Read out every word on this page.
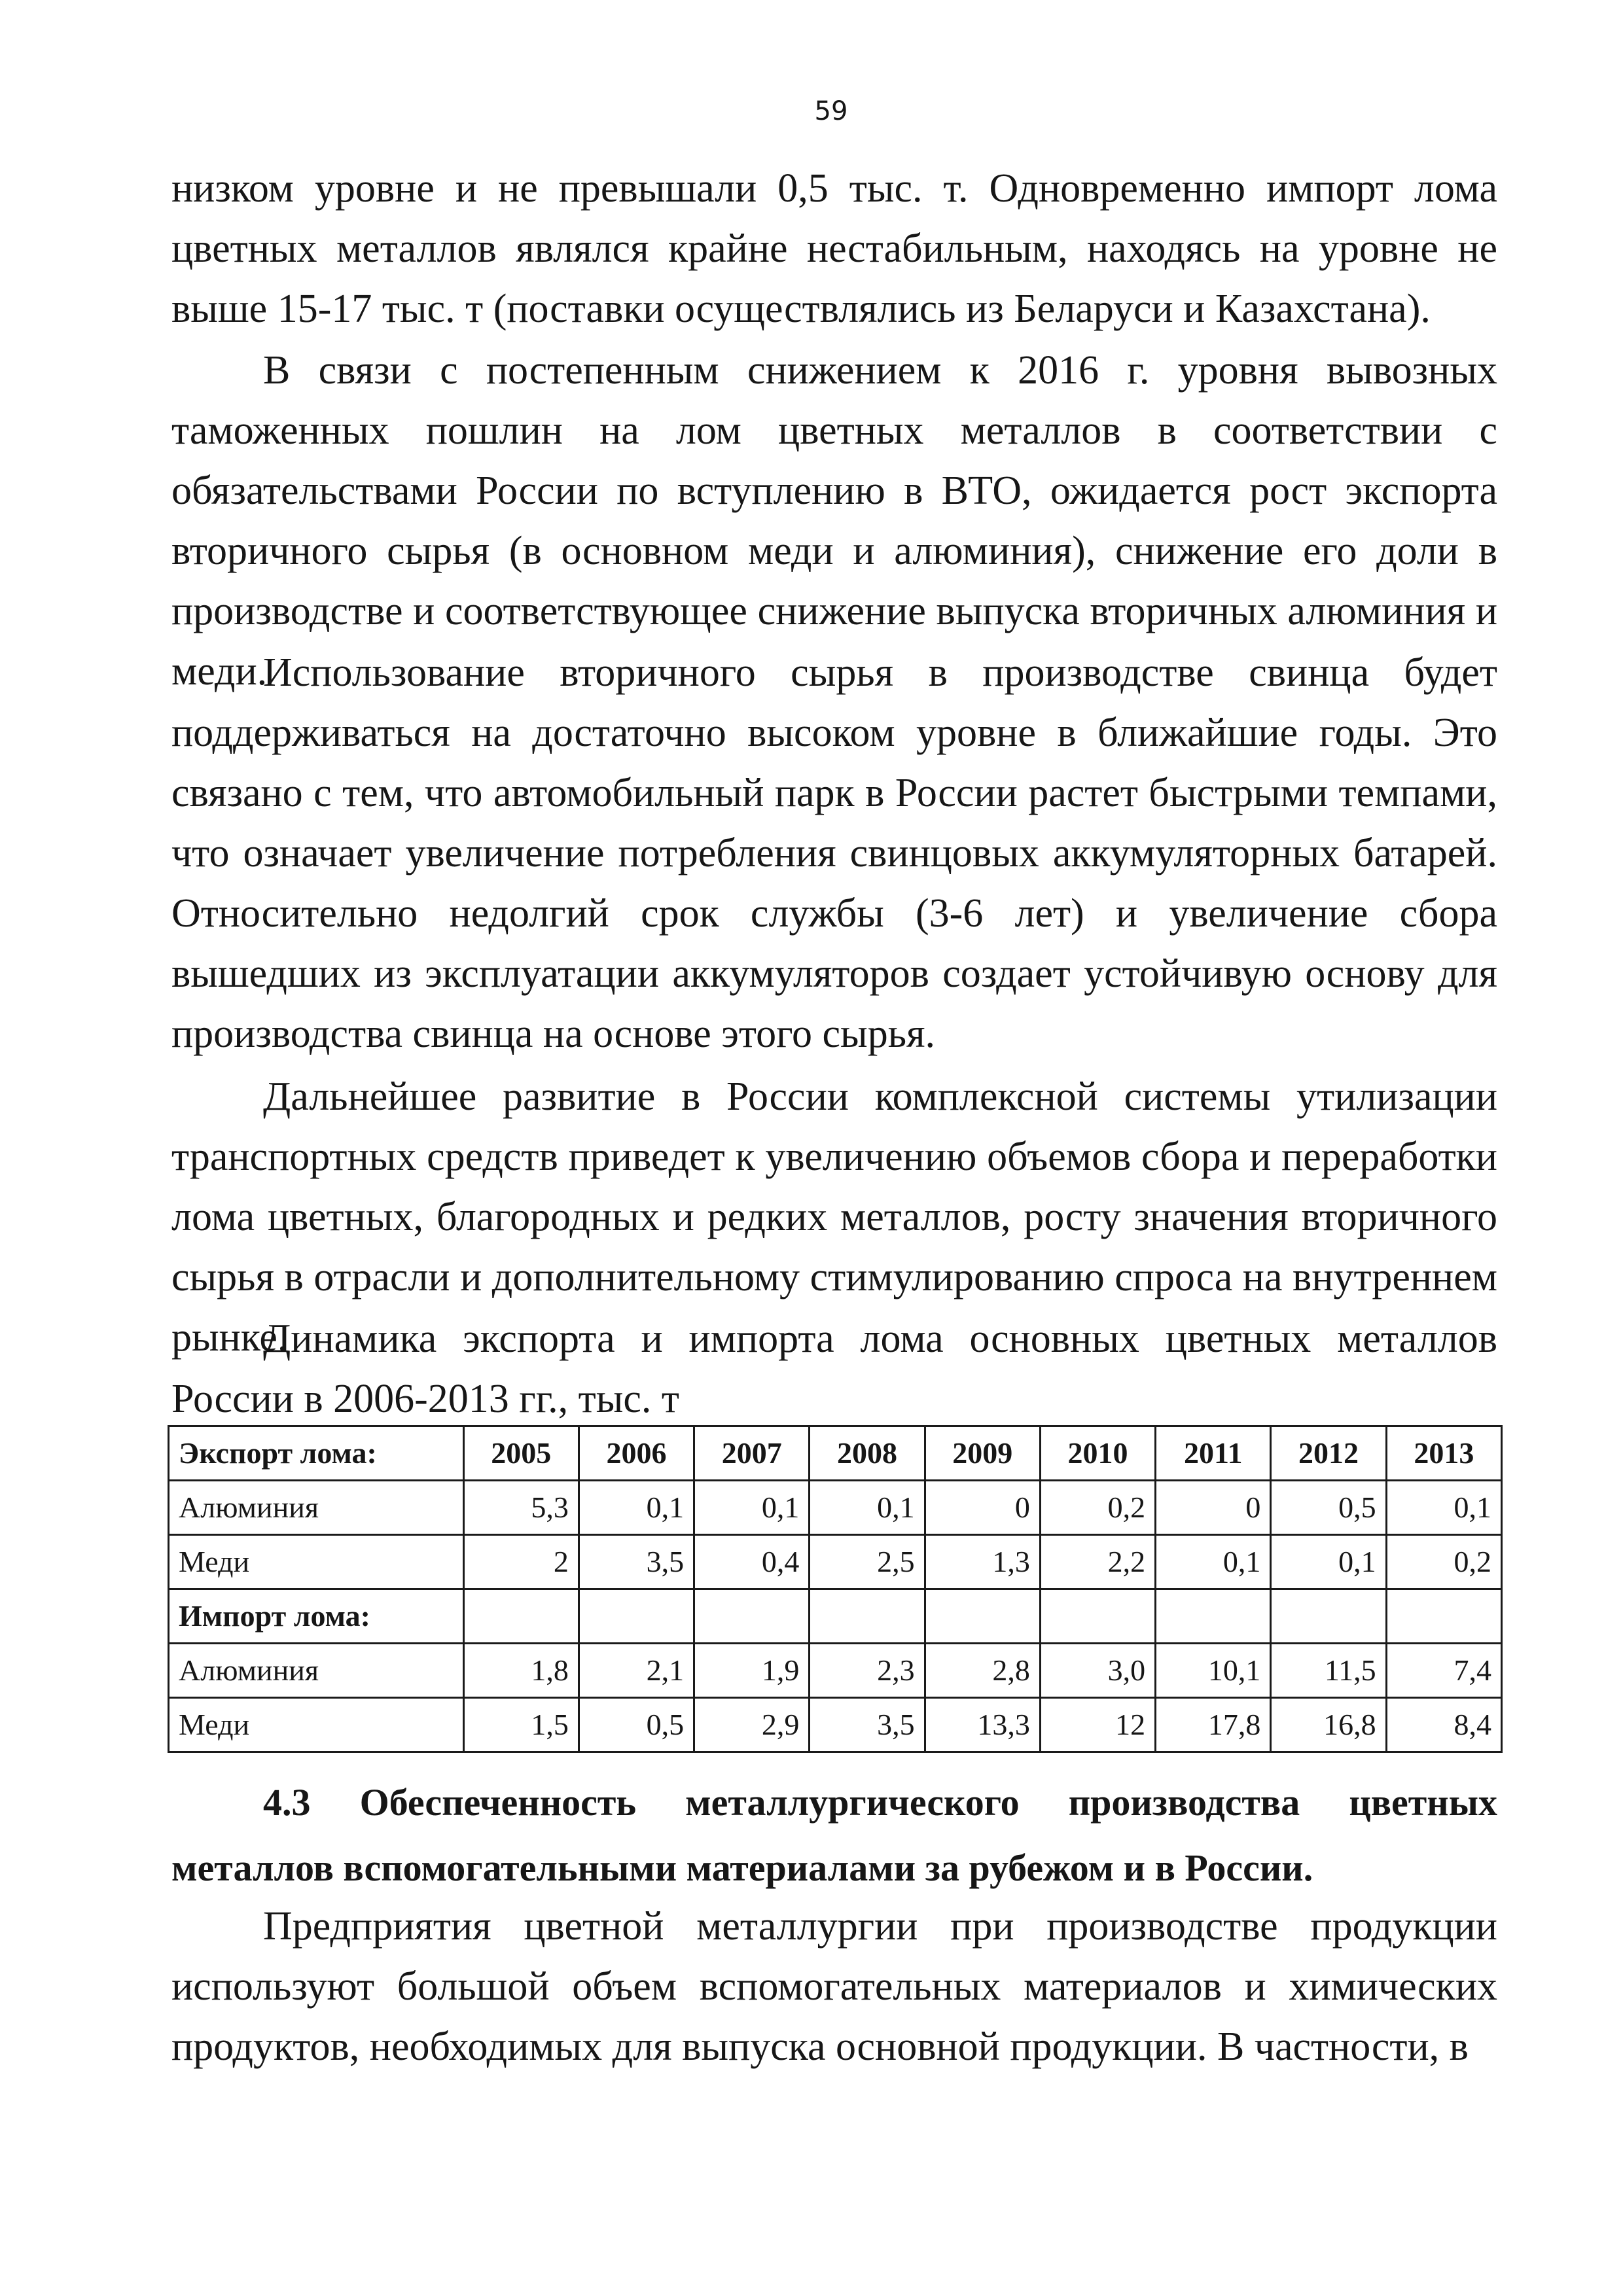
59

низком уровне и не превышали 0,5 тыс. т. Одновременно импорт лома цветных металлов являлся крайне нестабильным, находясь на уровне не выше 15-17 тыс. т (поставки осуществлялись из Беларуси и Казахстана).

В связи с постепенным снижением к 2016 г. уровня вывозных таможенных пошлин на лом цветных металлов в соответствии с обязательствами России по вступлению в ВТО, ожидается рост экспорта вторичного сырья (в основном меди и алюминия), снижение его доли в производстве и соответствующее снижение выпуска вторичных алюминия и меди.

Использование вторичного сырья в производстве свинца будет поддерживаться на достаточно высоком уровне в ближайшие годы. Это связано с тем, что автомобильный парк в России растет быстрыми темпами, что означает увеличение потребления свинцовых аккумуляторных батарей. Относительно недолгий срок службы (3-6 лет) и увеличение сбора вышедших из эксплуатации аккумуляторов создает устойчивую основу для производства свинца на основе этого сырья.

Дальнейшее развитие в России комплексной системы утилизации транспортных средств приведет к увеличению объемов сбора и переработки лома цветных, благородных и редких металлов, росту значения вторичного сырья в отрасли и дополнительному стимулированию спроса на внутреннем рынке.

Динамика экспорта и импорта лома основных цветных металлов России в 2006-2013 гг., тыс. т

Экспорт лома:	2005	2006	2007	2008	2009	2010	2011	2012	2013
Алюминия	5,3	0,1	0,1	0,1	0	0,2	0	0,5	0,1
Меди	2	3,5	0,4	2,5	1,3	2,2	0,1	0,1	0,2
Импорт лома:									
Алюминия	1,8	2,1	1,9	2,3	2,8	3,0	10,1	11,5	7,4
Меди	1,5	0,5	2,9	3,5	13,3	12	17,8	16,8	8,4
4.3 Обеспеченность металлургического производства цветных
металлов вспомогательными материалами за рубежом и в России.

Предприятия цветной металлургии при производстве продукции используют большой объем вспомогательных материалов и химических продуктов, необходимых для выпуска основной продукции. В частности, в
